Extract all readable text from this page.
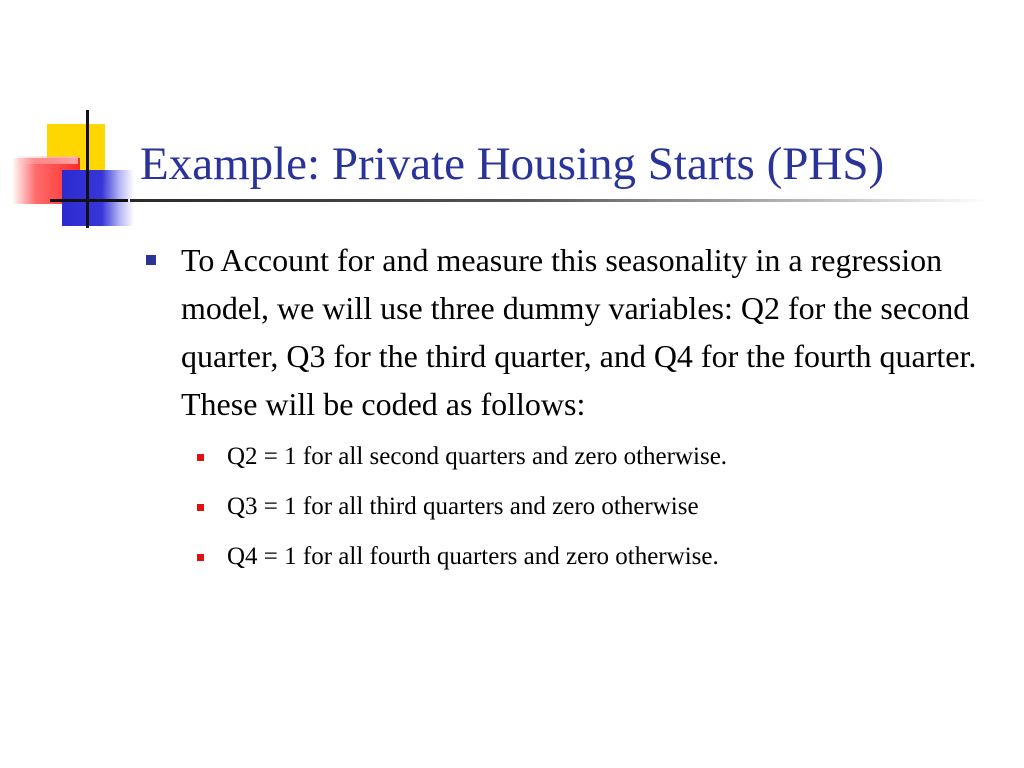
Example: Private Housing Starts (PHS)
To Account for and measure this seasonality in a regression model, we will use three dummy variables: Q2 for the second quarter, Q3 for the third quarter, and Q4 for the fourth quarter. These will be coded as follows:
Q2 = 1 for all second quarters and zero otherwise.
Q3 = 1 for all third quarters and zero otherwise
Q4 = 1 for all fourth quarters and zero otherwise.
